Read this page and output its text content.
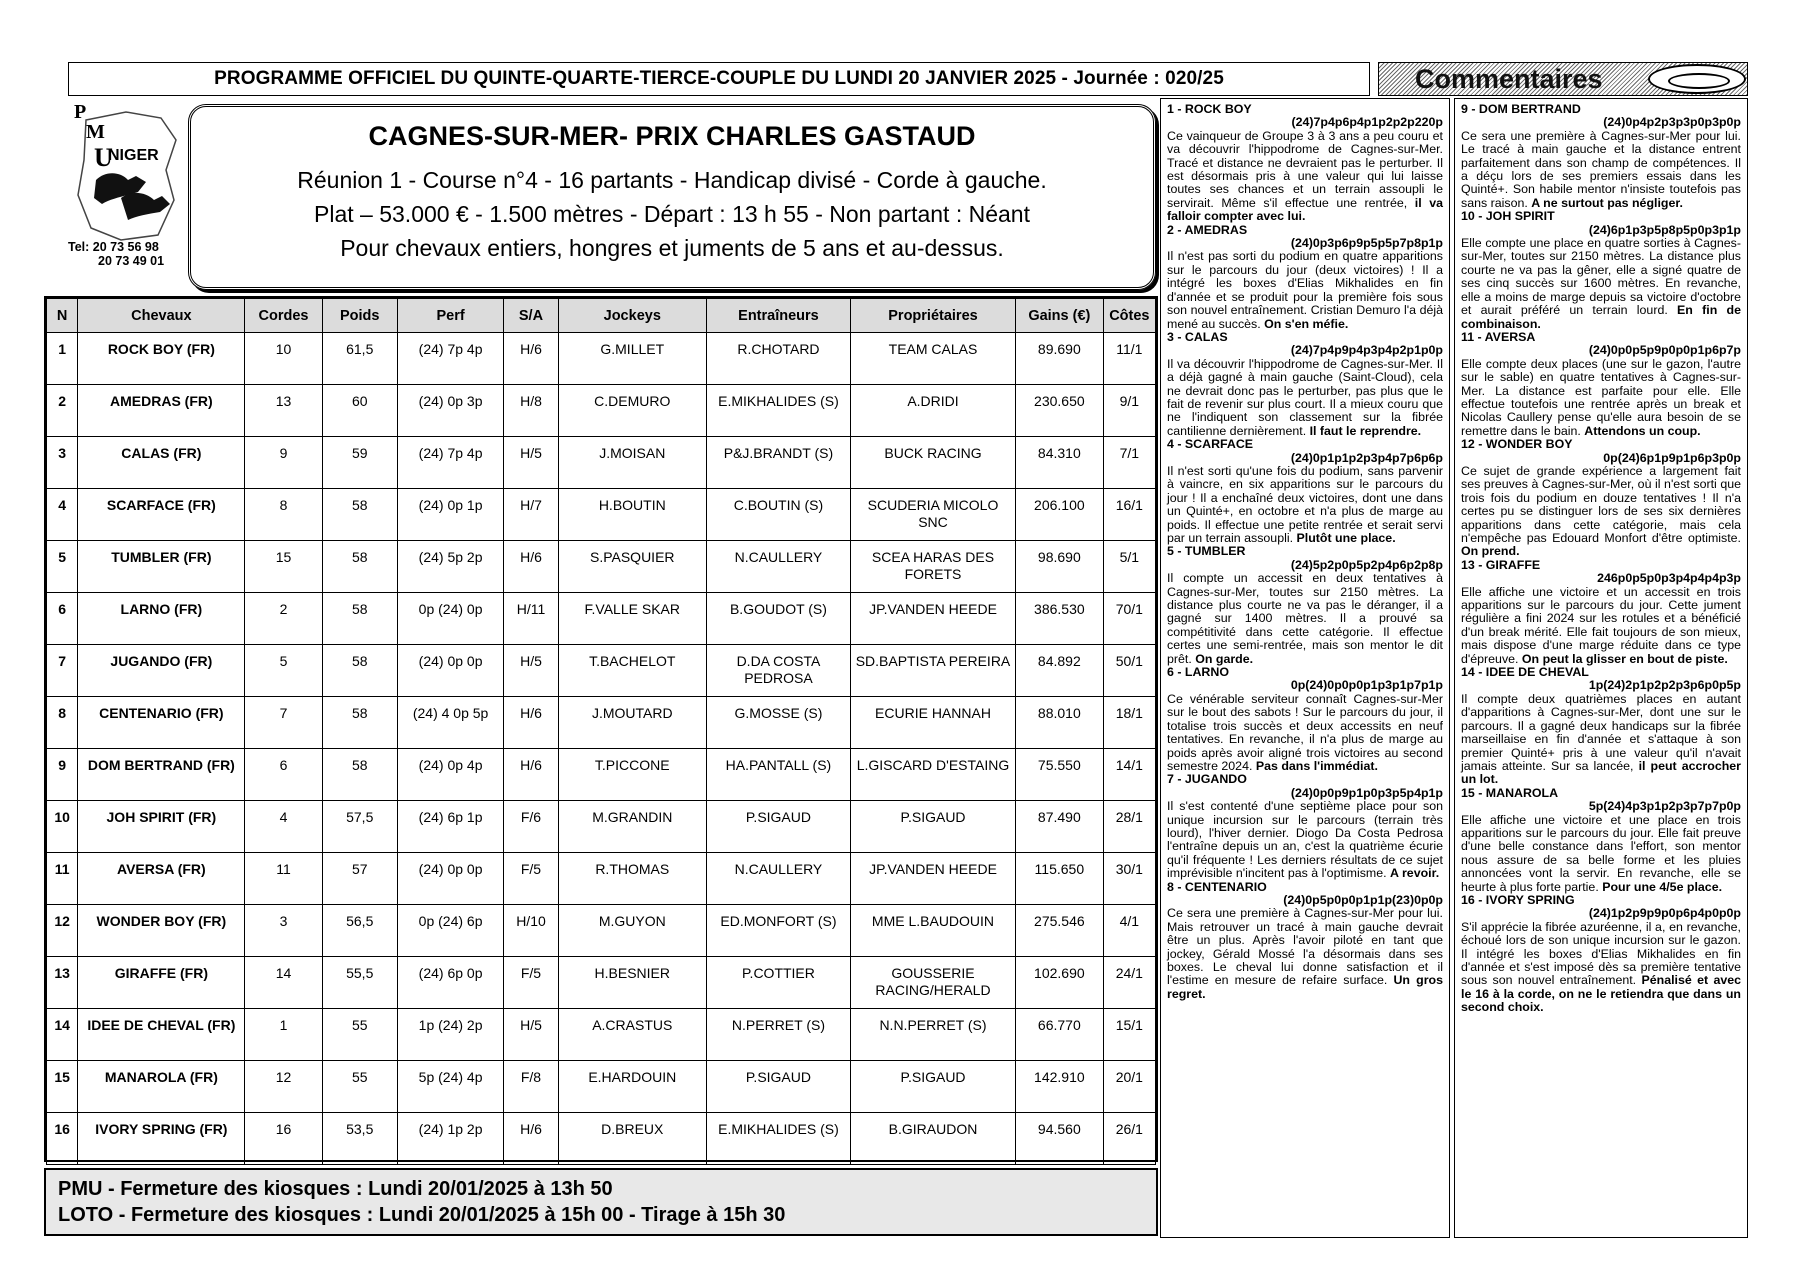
PROGRAMME OFFICIEL DU QUINTE-QUARTE-TIERCE-COUPLE DU LUNDI 20 JANVIER 2025 - Journée : 020/25	Commentaires
P
M
U
NIGER
Tel: 20 73 56 98
20 73 49 01
CAGNES-SUR-MER- PRIX CHARLES GASTAUD
Réunion 1 - Course n°4 - 16 partants - Handicap divisé - Corde à gauche.
Plat – 53.000 € - 1.500 mètres - Départ : 13 h 55 - Non partant : Néant
Pour chevaux entiers, hongres et juments de 5 ans et au-dessus.
N	Chevaux	Cordes	Poids	Perf	S/A	Jockeys	Entraîneurs	Propriétaires	Gains (€)	Côtes
1	ROCK BOY (FR)	10	61,5	(24) 7p 4p	H/6	G.MILLET	R.CHOTARD	TEAM CALAS	89.690	11/1
2	AMEDRAS (FR)	13	60	(24) 0p 3p	H/8	C.DEMURO	E.MIKHALIDES (S)	A.DRIDI	230.650	9/1
3	CALAS (FR)	9	59	(24) 7p 4p	H/5	J.MOISAN	P&J.BRANDT (S)	BUCK RACING	84.310	7/1
4	SCARFACE (FR)	8	58	(24) 0p 1p	H/7	H.BOUTIN	C.BOUTIN (S)	SCUDERIA MICOLO SNC	206.100	16/1
5	TUMBLER (FR)	15	58	(24) 5p 2p	H/6	S.PASQUIER	N.CAULLERY	SCEA HARAS DES FORETS	98.690	5/1
6	LARNO (FR)	2	58	0p (24) 0p	H/11	F.VALLE SKAR	B.GOUDOT (S)	JP.VANDEN HEEDE	386.530	70/1
7	JUGANDO (FR)	5	58	(24) 0p 0p	H/5	T.BACHELOT	D.DA COSTA PEDROSA	SD.BAPTISTA PEREIRA	84.892	50/1
8	CENTENARIO (FR)	7	58	(24) 4 0p 5p	H/6	J.MOUTARD	G.MOSSE (S)	ECURIE HANNAH	88.010	18/1
9	DOM BERTRAND (FR)	6	58	(24) 0p 4p	H/6	T.PICCONE	HA.PANTALL (S)	L.GISCARD D'ESTAING	75.550	14/1
10	JOH SPIRIT (FR)	4	57,5	(24) 6p 1p	F/6	M.GRANDIN	P.SIGAUD	P.SIGAUD	87.490	28/1
11	AVERSA (FR)	11	57	(24) 0p 0p	F/5	R.THOMAS	N.CAULLERY	JP.VANDEN HEEDE	115.650	30/1
12	WONDER BOY (FR)	3	56,5	0p (24) 6p	H/10	M.GUYON	ED.MONFORT (S)	MME L.BAUDOUIN	275.546	4/1
13	GIRAFFE (FR)	14	55,5	(24) 6p 0p	F/5	H.BESNIER	P.COTTIER	GOUSSERIE RACING/HERALD	102.690	24/1
14	IDEE DE CHEVAL (FR)	1	55	1p (24) 2p	H/5	A.CRASTUS	N.PERRET (S)	N.N.PERRET (S)	66.770	15/1
15	MANAROLA (FR)	12	55	5p (24) 4p	F/8	E.HARDOUIN	P.SIGAUD	P.SIGAUD	142.910	20/1
16	IVORY SPRING (FR)	16	53,5	(24) 1p 2p	H/6	D.BREUX	E.MIKHALIDES (S)	B.GIRAUDON	94.560	26/1
PMU - Fermeture des kiosques : Lundi 20/01/2025 à 13h 50
LOTO - Fermeture des kiosques : Lundi 20/01/2025 à 15h 00 - Tirage à 15h 30
1 - ROCK BOY
(24)7p4p6p4p1p2p2p220p
Ce vainqueur de Groupe 3 à 3 ans a peu couru et va découvrir l'hippodrome de Cagnes-sur-Mer. Tracé et distance ne devraient pas le perturber. Il est désormais pris à une valeur qui lui laisse toutes ses chances et un terrain assoupli le servirait. Même s'il effectue une rentrée, il va falloir compter avec lui.
2 - AMEDRAS
(24)0p3p6p9p5p5p7p8p1p
Il n'est pas sorti du podium en quatre apparitions sur le parcours du jour (deux victoires) ! Il a intégré les boxes d'Elias Mikhalides en fin d'année et se produit pour la première fois sous son nouvel entraînement. Cristian Demuro l'a déjà mené au succès. On s'en méfie.
3 - CALAS
(24)7p4p9p4p3p4p2p1p0p
Il va découvrir l'hippodrome de Cagnes-sur-Mer. Il a déjà gagné à main gauche (Saint-Cloud), cela ne devrait donc pas le perturber, pas plus que le fait de revenir sur plus court. Il a mieux couru que ne l'indiquent son classement sur la fibrée cantilienne dernièrement. Il faut le reprendre.
4 - SCARFACE
(24)0p1p1p2p3p4p7p6p6p
Il n'est sorti qu'une fois du podium, sans parvenir à vaincre, en six apparitions sur le parcours du jour ! Il a enchaîné deux victoires, dont une dans un Quinté+, en octobre et n'a plus de marge au poids. Il effectue une petite rentrée et serait servi par un terrain assoupli. Plutôt une place.
5 - TUMBLER
(24)5p2p0p5p2p4p6p2p8p
Il compte un accessit en deux tentatives à Cagnes-sur-Mer, toutes sur 2150 mètres. La distance plus courte ne va pas le déranger, il a gagné sur 1400 mètres. Il a prouvé sa compétitivité dans cette catégorie. Il effectue certes une semi-rentrée, mais son mentor le dit prêt. On garde.
6 - LARNO
0p(24)0p0p0p1p3p1p7p1p
Ce vénérable serviteur connaît Cagnes-sur-Mer sur le bout des sabots ! Sur le parcours du jour, il totalise trois succès et deux accessits en neuf tentatives. En revanche, il n'a plus de marge au poids après avoir aligné trois victoires au second semestre 2024. Pas dans l'immédiat.
7 - JUGANDO
(24)0p0p9p1p0p3p5p4p1p
Il s'est contenté d'une septième place pour son unique incursion sur le parcours (terrain très lourd), l'hiver dernier. Diogo Da Costa Pedrosa l'entraîne depuis un an, c'est la quatrième écurie qu'il fréquente ! Les derniers résultats de ce sujet imprévisible n'incitent pas à l'optimisme. A revoir.
8 - CENTENARIO
(24)0p5p0p0p1p1p(23)0p0p
Ce sera une première à Cagnes-sur-Mer pour lui. Mais retrouver un tracé à main gauche devrait être un plus. Après l'avoir piloté en tant que jockey, Gérald Mossé l'a désormais dans ses boxes. Le cheval lui donne satisfaction et il l'estime en mesure de refaire surface. Un gros regret.
9 - DOM BERTRAND
(24)0p4p2p3p3p0p3p0p
Ce sera une première à Cagnes-sur-Mer pour lui. Le tracé à main gauche et la distance entrent parfaitement dans son champ de compétences. Il a déçu lors de ses premiers essais dans les Quinté+. Son habile mentor n'insiste toutefois pas sans raison. A ne surtout pas négliger.
10 - JOH SPIRIT
(24)6p1p3p5p8p5p0p3p1p
Elle compte une place en quatre sorties à Cagnes-sur-Mer, toutes sur 2150 mètres. La distance plus courte ne va pas la gêner, elle a signé quatre de ses cinq succès sur 1600 mètres. En revanche, elle a moins de marge depuis sa victoire d'octobre et aurait préféré un terrain lourd. En fin de combinaison.
11 - AVERSA
(24)0p0p5p9p0p0p1p6p7p
Elle compte deux places (une sur le gazon, l'autre sur le sable) en quatre tentatives à Cagnes-sur-Mer. La distance est parfaite pour elle. Elle effectue toutefois une rentrée après un break et Nicolas Caullery pense qu'elle aura besoin de se remettre dans le bain. Attendons un coup.
12 - WONDER BOY
0p(24)6p1p9p1p6p3p0p
Ce sujet de grande expérience a largement fait ses preuves à Cagnes-sur-Mer, où il n'est sorti que trois fois du podium en douze tentatives ! Il n'a certes pu se distinguer lors de ses six dernières apparitions dans cette catégorie, mais cela n'empêche pas Edouard Monfort d'être optimiste. On prend.
13 - GIRAFFE
246p0p5p0p3p4p4p4p3p
Elle affiche une victoire et un accessit en trois apparitions sur le parcours du jour. Cette jument régulière a fini 2024 sur les rotules et a bénéficié d'un break mérité. Elle fait toujours de son mieux, mais dispose d'une marge réduite dans ce type d'épreuve. On peut la glisser en bout de piste.
14 - IDEE DE CHEVAL
1p(24)2p1p2p2p3p6p0p5p
Il compte deux quatrièmes places en autant d'apparitions à Cagnes-sur-Mer, dont une sur le parcours. Il a gagné deux handicaps sur la fibrée marseillaise en fin d'année et s'attaque à son premier Quinté+ pris à une valeur qu'il n'avait jamais atteinte. Sur sa lancée, il peut accrocher un lot.
15 - MANAROLA
5p(24)4p3p1p2p3p7p7p0p
Elle affiche une victoire et une place en trois apparitions sur le parcours du jour. Elle fait preuve d'une belle constance dans l'effort, son mentor nous assure de sa belle forme et les pluies annoncées vont la servir. En revanche, elle se heurte à plus forte partie. Pour une 4/5e place.
16 - IVORY SPRING
(24)1p2p9p9p0p6p4p0p0p
S'il apprécie la fibrée azuréenne, il a, en revanche, échoué lors de son unique incursion sur le gazon. Il intégré les boxes d'Elias Mikhalides en fin d'année et s'est imposé dès sa première tentative sous son nouvel entraînement. Pénalisé et avec le 16 à la corde, on ne le retiendra que dans un second choix.
